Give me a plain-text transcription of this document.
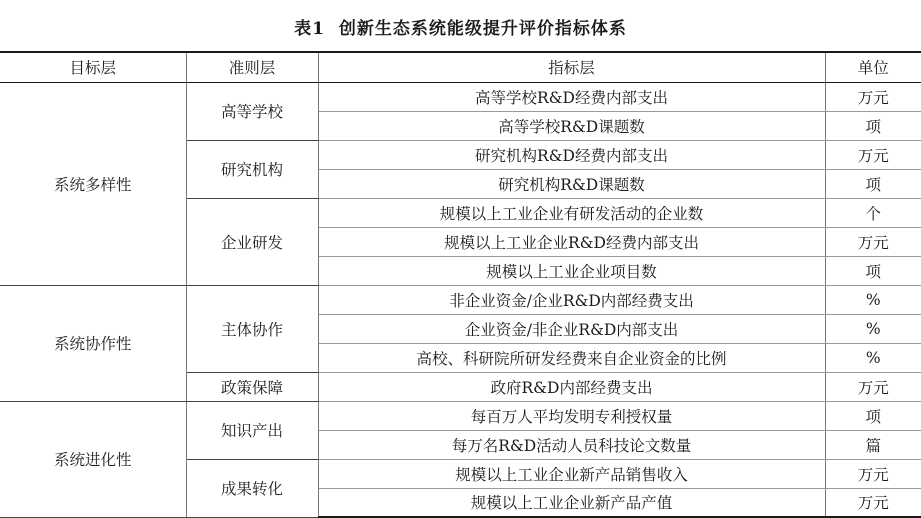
表1 创新生态系统能级提升评价指标体系
目标层	准则层	指标层	单位
系统多样性	高等学校	高等学校R&D经费内部支出	万元
		高等学校R&D课题数	项
	研究机构	研究机构R&D经费内部支出	万元
		研究机构R&D课题数	项
	企业研发	规模以上工业企业有研发活动的企业数	个
		规模以上工业企业R&D经费内部支出	万元
		规模以上工业企业项目数	项
系统协作性	主体协作	非企业资金/企业R&D内部经费支出	%
		企业资金/非企业R&D内部支出	%
		高校、科研院所研发经费来自企业资金的比例	%
	政策保障	政府R&D内部经费支出	万元
系统进化性	知识产出	每百万人平均发明专利授权量	项
		每万名R&D活动人员科技论文数量	篇
	成果转化	规模以上工业企业新产品销售收入	万元
		规模以上工业企业新产品产值	万元
